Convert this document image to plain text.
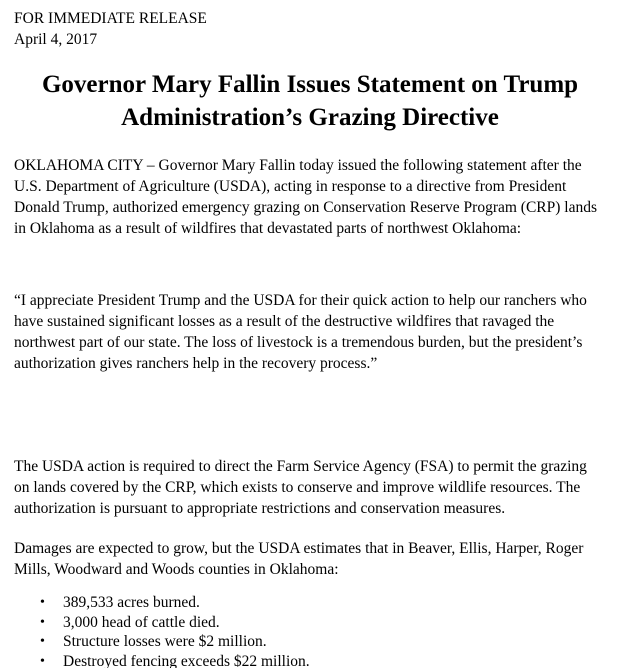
FOR IMMEDIATE RELEASE
April 4, 2017
Governor Mary Fallin Issues Statement on Trump Administration’s Grazing Directive

OKLAHOMA CITY – Governor Mary Fallin today issued the following statement after the U.S. Department of Agriculture (USDA), acting in response to a directive from President Donald Trump, authorized emergency grazing on Conservation Reserve Program (CRP) lands in Oklahoma as a result of wildfires that devastated parts of northwest Oklahoma:

“I appreciate President Trump and the USDA for their quick action to help our ranchers who have sustained significant losses as a result of the destructive wildfires that ravaged the northwest part of our state. The loss of livestock is a tremendous burden, but the president’s authorization gives ranchers help in the recovery process.”

The USDA action is required to direct the Farm Service Agency (FSA) to permit the grazing on lands covered by the CRP, which exists to conserve and improve wildlife resources. The authorization is pursuant to appropriate restrictions and conservation measures.

Damages are expected to grow, but the USDA estimates that in Beaver, Ellis, Harper, Roger Mills, Woodward and Woods counties in Oklahoma:

• 389,533 acres burned.
• 3,000 head of cattle died.
• Structure losses were $2 million.
• Destroyed fencing exceeds $22 million.
